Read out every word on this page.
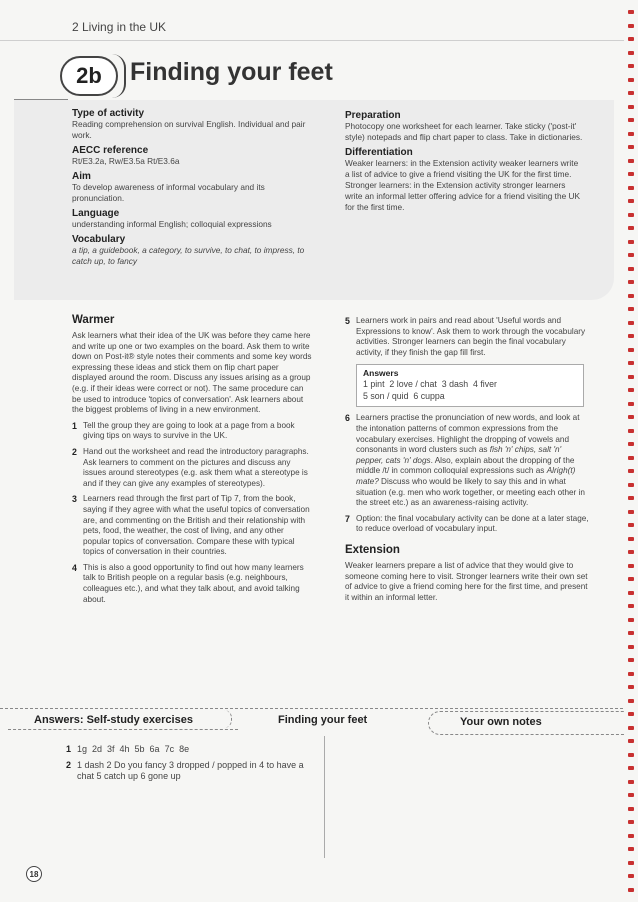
2 Living in the UK
2b	Finding your feet
Type of activity
Reading comprehension on survival English. Individual and pair work.
AECC reference
Rt/E3.2a, Rw/E3.5a Rt/E3.6a
Aim
To develop awareness of informal vocabulary and its pronunciation.
Language
understanding informal English; colloquial expressions
Vocabulary
a tip, a guidebook, a category, to survive, to chat, to impress, to catch up, to fancy
Preparation
Photocopy one worksheet for each learner. Take sticky ('post-it' style) notepads and flip chart paper to class. Take in dictionaries.
Differentiation
Weaker learners: in the Extension activity weaker learners write a list of advice to give a friend visiting the UK for the first time.
Stronger learners: in the Extension activity stronger learners write an informal letter offering advice for a friend visiting the UK for the first time.
Warmer
Ask learners what their idea of the UK was before they came here and write up one or two examples on the board. Ask them to write down on Post-it® style notes their comments and some key words expressing these ideas and stick them on flip chart paper displayed around the room. Discuss any issues arising as a group (e.g. if their ideas were correct or not). The same procedure can be used to introduce 'topics of conversation'. Ask learners about the biggest problems of living in a new environment.
1 Tell the group they are going to look at a page from a book giving tips on ways to survive in the UK.
2 Hand out the worksheet and read the introductory paragraphs. Ask learners to comment on the pictures and discuss any issues around stereotypes (e.g. ask them what a stereotype is and if they can give any examples of stereotypes).
3 Learners read through the first part of Tip 7, from the book, saying if they agree with what the useful topics of conversation are, and commenting on the British and their relationship with pets, food, the weather, the cost of living, and any other popular topics of conversation. Compare these with typical topics of conversation in their countries.
4 This is also a good opportunity to find out how many learners talk to British people on a regular basis (e.g. neighbours, colleagues etc.), and what they talk about, and avoid talking about.
5 Learners work in pairs and read about 'Useful words and Expressions to know'. Ask them to work through the vocabulary activities. Stronger learners can begin the final vocabulary activity, if they finish the gap fill first.
Answers
1 pint  2 love / chat  3 dash  4 fiver
5 son / quid  6 cuppa
6 Learners practise the pronunciation of new words, and look at the intonation patterns of common expressions from the vocabulary exercises. Highlight the dropping of vowels and consonants in word clusters such as fish 'n' chips, salt 'n' pepper, cats 'n' dogs. Also, explain about the dropping of the middle /t/ in common colloquial expressions such as Alrigh(t) mate? Discuss who would be likely to say this and in what situation (e.g. men who work together, or meeting each other in the street etc.) as an awareness-raising activity.
7 Option: the final vocabulary activity can be done at a later stage, to reduce overload of vocabulary input.
Extension
Weaker learners prepare a list of advice that they would give to someone coming here to visit. Stronger learners write their own set of advice to give a friend coming here for the first time, and present it within an informal letter.
Answers: Self-study exercises	Finding your feet	Your own notes
1 1g  2d  3f  4h  5b  6a  7c  8e
2 1 dash 2 Do you fancy 3 dropped / popped in 4 to have a chat 5 catch up 6 gone up
18
